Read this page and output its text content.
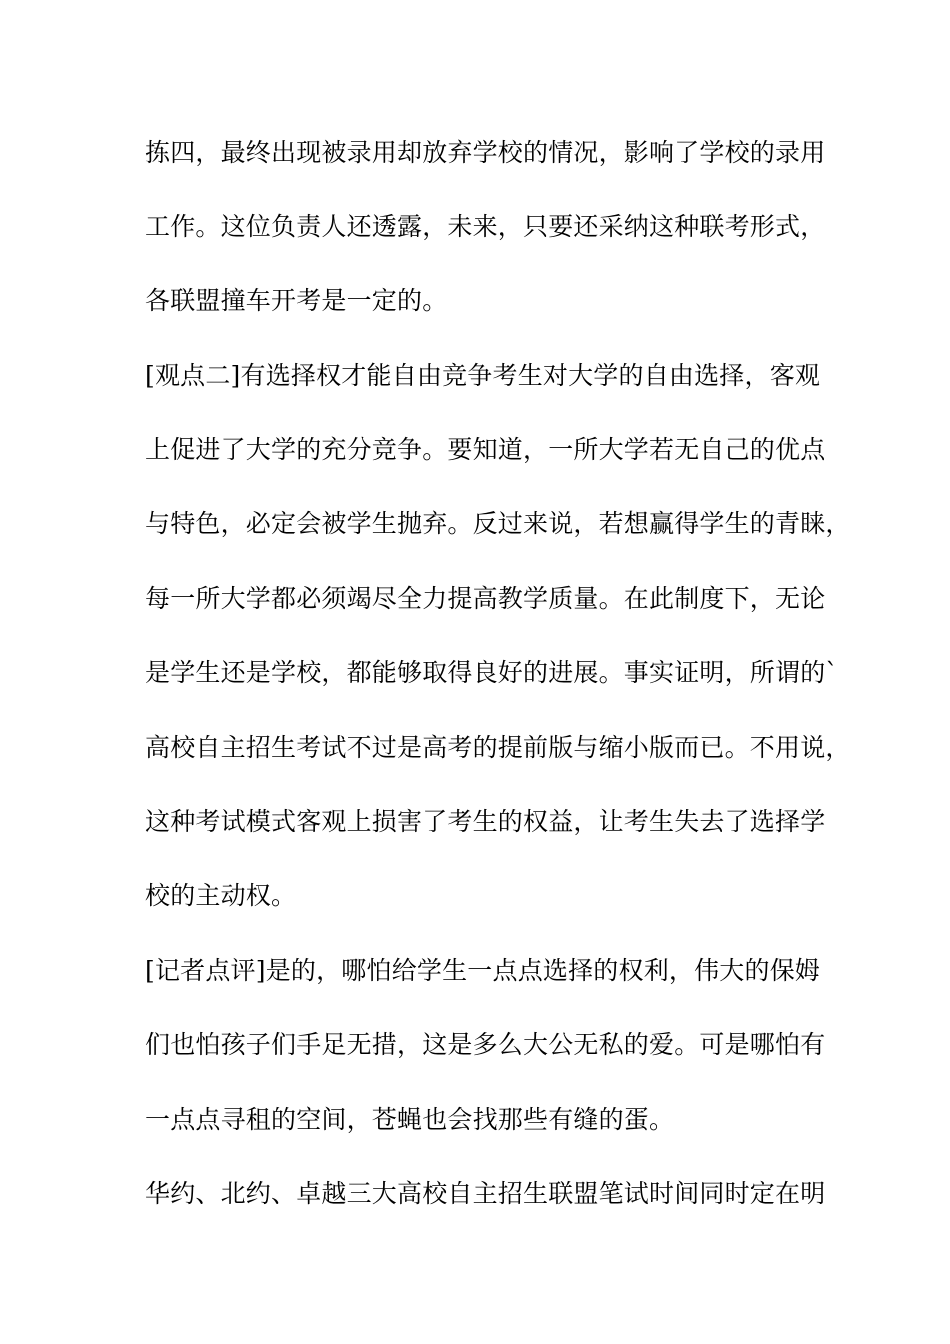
拣四，最终出现被录用却放弃学校的情况，影响了学校的录用
工作。这位负责人还透露，未来，只要还采纳这种联考形式，
各联盟撞车开考是一定的。
[观点二]有选择权才能自由竞争考生对大学的自由选择，客观
上促进了大学的充分竞争。要知道，一所大学若无自己的优点
与特色，必定会被学生抛弃。反过来说，若想赢得学生的青睐，
每一所大学都必须竭尽全力提高教学质量。在此制度下，无论
是学生还是学校，都能够取得良好的进展。事实证明，所谓的`
高校自主招生考试不过是高考的提前版与缩小版而已。不用说，
这种考试模式客观上损害了考生的权益，让考生失去了选择学
校的主动权。
[记者点评]是的，哪怕给学生一点点选择的权利，伟大的保姆
们也怕孩子们手足无措，这是多么大公无私的爱。可是哪怕有
一点点寻租的空间，苍蝇也会找那些有缝的蛋。
华约、北约、卓越三大高校自主招生联盟笔试时间同时定在明
